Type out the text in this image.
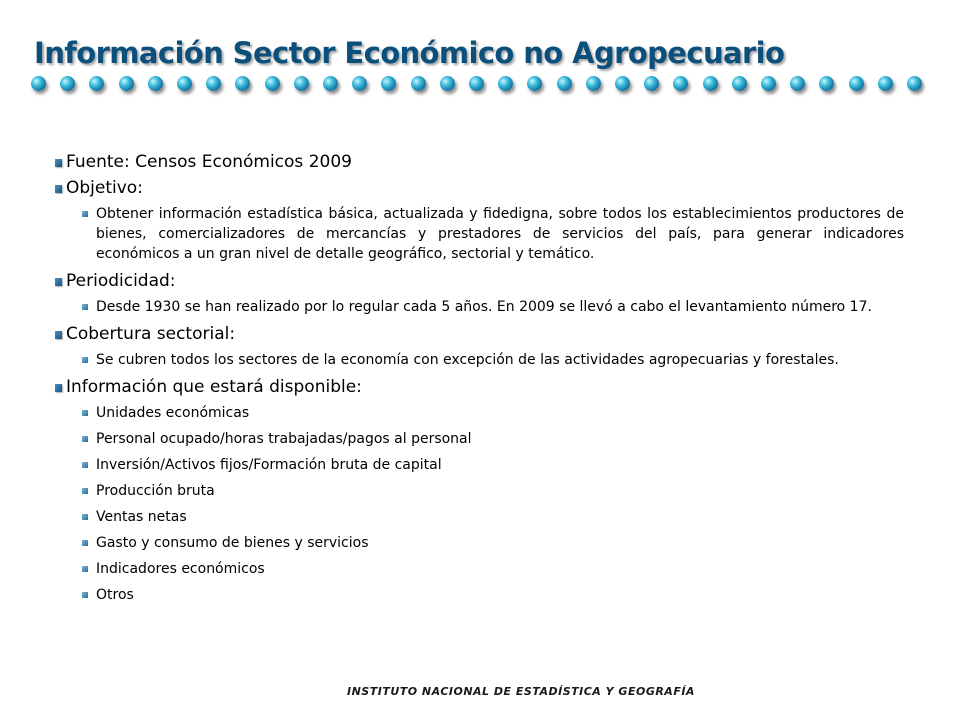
Información Sector Económico no Agropecuario
Fuente: Censos Económicos 2009
Objetivo:
Obtener información estadística básica, actualizada y fidedigna, sobre todos los establecimientos productores de bienes, comercializadores de mercancías y prestadores de servicios del país, para generar indicadores económicos a un gran nivel de detalle geográfico, sectorial y temático.
Periodicidad:
Desde 1930 se han realizado por lo regular cada 5 años. En 2009 se llevó a cabo el levantamiento número 17.
Cobertura sectorial:
Se cubren todos los sectores de la economía con excepción de las actividades agropecuarias y forestales.
Información que estará disponible:
Unidades económicas
Personal ocupado/horas trabajadas/pagos al personal
Inversión/Activos fijos/Formación bruta de capital
Producción bruta
Ventas netas
Gasto y consumo de bienes y servicios
Indicadores económicos
Otros

INSTITUTO NACIONAL DE ESTADÍSTICA Y GEOGRAFÍA
